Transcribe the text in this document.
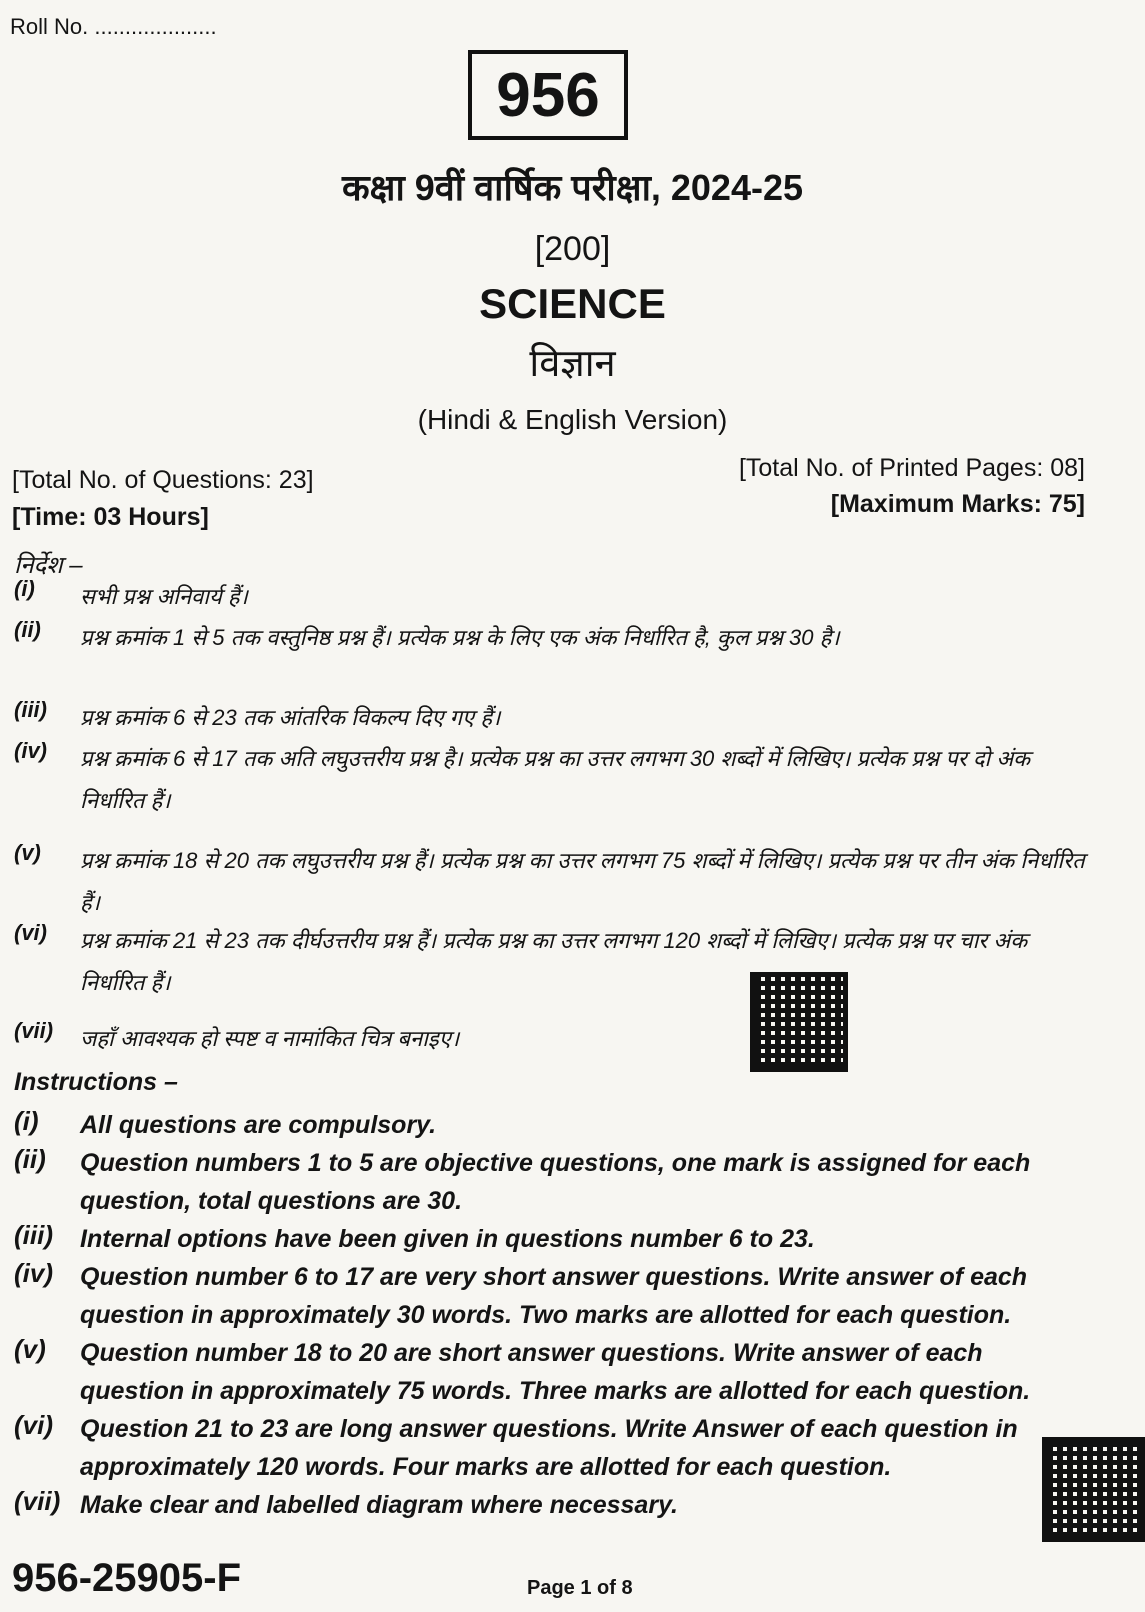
Roll No. ....................
956
कक्षा 9वीं वार्षिक परीक्षा, 2024-25
[200]
SCIENCE
विज्ञान
(Hindi & English Version)
[Total No. of Questions: 23]
[Time: 03 Hours]
[Total No. of Printed Pages: 08]
[Maximum Marks: 75]
निर्देश –
(i) सभी प्रश्न अनिवार्य हैं।
(ii) प्रश्न क्रमांक 1 से 5 तक वस्तुनिष्ठ प्रश्न हैं। प्रत्येक प्रश्न के लिए एक अंक निर्धारित है, कुल प्रश्न 30 है।
(iii) प्रश्न क्रमांक 6 से 23 तक आंतरिक विकल्प दिए गए हैं।
(iv) प्रश्न क्रमांक 6 से 17 तक अति लघुउत्तरीय प्रश्न है। प्रत्येक प्रश्न का उत्तर लगभग 30 शब्दों में लिखिए। प्रत्येक प्रश्न पर दो अंक निर्धारित हैं।
(v) प्रश्न क्रमांक 18 से 20 तक लघुउत्तरीय प्रश्न हैं। प्रत्येक प्रश्न का उत्तर लगभग 75 शब्दों में लिखिए। प्रत्येक प्रश्न पर तीन अंक निर्धारित हैं।
(vi) प्रश्न क्रमांक 21 से 23 तक दीर्घउत्तरीय प्रश्न हैं। प्रत्येक प्रश्न का उत्तर लगभग 120 शब्दों में लिखिए। प्रत्येक प्रश्न पर चार अंक निर्धारित हैं।
(vii) जहाँ आवश्यक हो स्पष्ट व नामांकित चित्र बनाइए।
Instructions –
(i) All questions are compulsory.
(ii) Question numbers 1 to 5 are objective questions, one mark is assigned for each question, total questions are 30.
(iii) Internal options have been given in questions number 6 to 23.
(iv) Question number 6 to 17 are very short answer questions. Write answer of each question in approximately 30 words. Two marks are allotted for each question.
(v) Question number 18 to 20 are short answer questions. Write answer of each question in approximately 75 words. Three marks are allotted for each question.
(vi) Question 21 to 23 are long answer questions. Write Answer of each question in approximately 120 words. Four marks are allotted for each question.
(vii) Make clear and labelled diagram where necessary.
956-25905-F	Page 1 of 8
